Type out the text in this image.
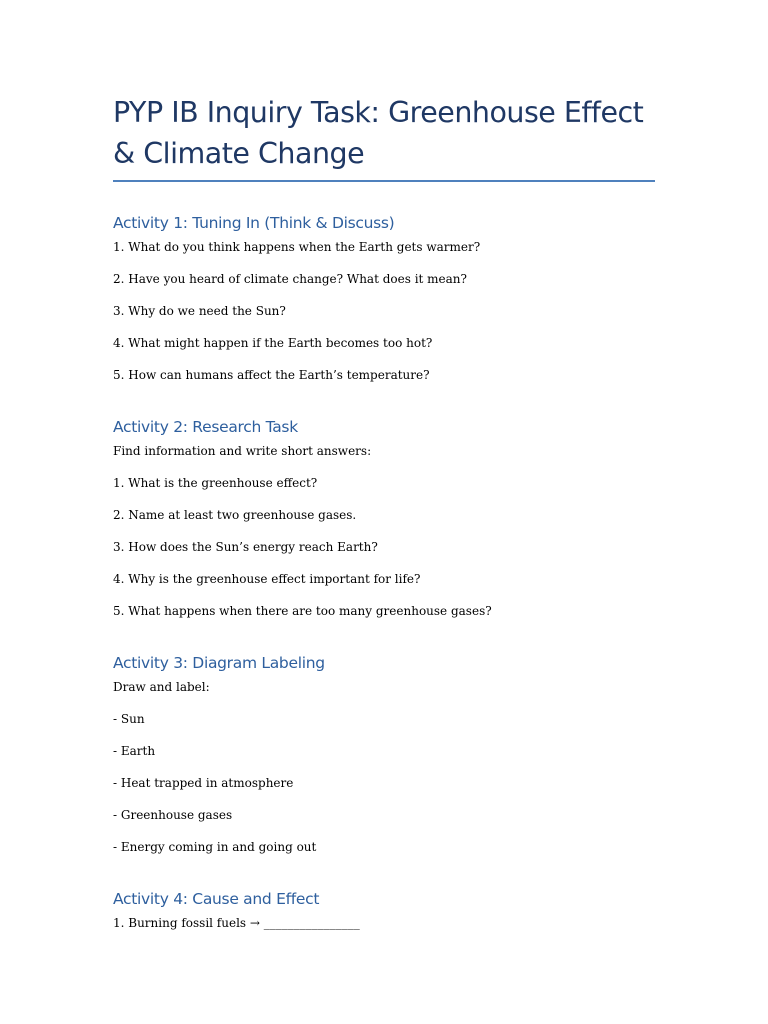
PYP IB Inquiry Task: Greenhouse Effect & Climate Change
Activity 1: Tuning In (Think & Discuss)

1. What do you think happens when the Earth gets warmer?

2. Have you heard of climate change? What does it mean?

3. Why do we need the Sun?

4. What might happen if the Earth becomes too hot?

5. How can humans affect the Earth’s temperature?

Activity 2: Research Task

Find information and write short answers:

1. What is the greenhouse effect?

2. Name at least two greenhouse gases.

3. How does the Sun’s energy reach Earth?

4. Why is the greenhouse effect important for life?

5. What happens when there are too many greenhouse gases?

Activity 3: Diagram Labeling

Draw and label:

- Sun

- Earth

- Heat trapped in atmosphere

- Greenhouse gases

- Energy coming in and going out

Activity 4: Cause and Effect

1. Burning fossil fuels → ________________
